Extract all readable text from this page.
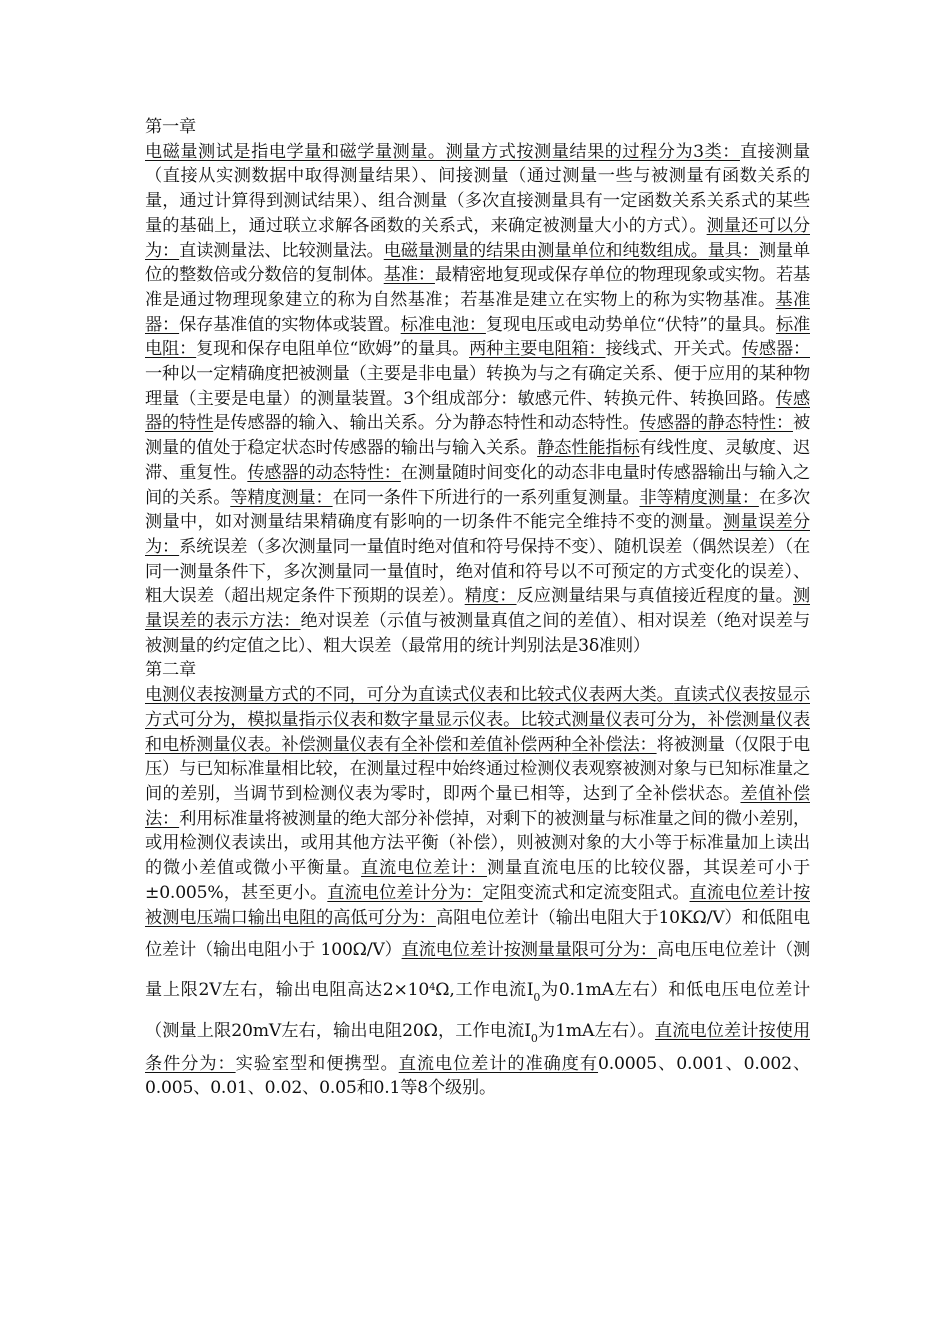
第一章

电磁量测试是指电学量和磁学量测量。测量方式按测量结果的过程分为3类：直接测量（直接从实测数据中取得测量结果）、间接测量（通过测量一些与被测量有函数关系的量，通过计算得到测试结果）、组合测量（多次直接测量具有一定函数关系关系式的某些量的基础上，通过联立求解各函数的关系式，来确定被测量大小的方式）。测量还可以分为：直读测量法、比较测量法。电磁量测量的结果由测量单位和纯数组成。量具：测量单位的整数倍或分数倍的复制体。基准：最精密地复现或保存单位的物理现象或实物。若基准是通过物理现象建立的称为自然基准；若基准是建立在实物上的称为实物基准。基准器：保存基准值的实物体或装置。标准电池：复现电压或电动势单位“伏特”的量具。标准电阻：复现和保存电阻单位“欧姆”的量具。两种主要电阻箱：接线式、开关式。传感器：一种以一定精确度把被测量（主要是非电量）转换为与之有确定关系、便于应用的某种物理量（主要是电量）的测量装置。3个组成部分：敏感元件、转换元件、转换回路。传感器的特性是传感器的输入、输出关系。分为静态特性和动态特性。传感器的静态特性：被测量的值处于稳定状态时传感器的输出与输入关系。静态性能指标有线性度、灵敏度、迟滞、重复性。传感器的动态特性：在测量随时间变化的动态非电量时传感器输出与输入之间的关系。等精度测量：在同一条件下所进行的一系列重复测量。非等精度测量：在多次测量中，如对测量结果精确度有影响的一切条件不能完全维持不变的测量。测量误差分为：系统误差（多次测量同一量值时绝对值和符号保持不变）、随机误差（偶然误差）（在同一测量条件下，多次测量同一量值时，绝对值和符号以不可预定的方式变化的误差）、粗大误差（超出规定条件下预期的误差）。精度：反应测量结果与真值接近程度的量。测量误差的表示方法：绝对误差（示值与被测量真值之间的差值）、相对误差（绝对误差与被测量的约定值之比）、粗大误差（最常用的统计判别法是3δ准则）

第二章

电测仪表按测量方式的不同，可分为直读式仪表和比较式仪表两大类。直读式仪表按显示方式可分为，模拟量指示仪表和数字量显示仪表。比较式测量仪表可分为，补偿测量仪表和电桥测量仪表。补偿测量仪表有全补偿和差值补偿两种全补偿法：将被测量（仅限于电压）与已知标准量相比较，在测量过程中始终通过检测仪表观察被测对象与已知标准量之间的差别，当调节到检测仪表为零时，即两个量已相等，达到了全补偿状态。差值补偿法：利用标准量将被测量的绝大部分补偿掉，对剩下的被测量与标准量之间的微小差别，或用检测仪表读出，或用其他方法平衡（补偿），则被测对象的大小等于标准量加上读出的微小差值或微小平衡量。直流电位差计：测量直流电压的比较仪器，其误差可小于±0.005%，甚至更小。直流电位差计分为：定阻变流式和定流变阻式。直流电位差计按被测电压端口输出电阻的高低可分为：高阻电位差计（输出电阻大于10KΩ/V）和低阻电位差计（输出电阻小于 100Ω/V）直流电位差计按测量量限可分为：高电压电位差计（测量上限2V左右，输出电阻高达$2\times 10^4\Omega$,工作电流$I_0$为0.1mA左右）和低电压电位差计（测量上限20mV左右，输出电阻20Ω，工作电流$I_0$为1mA左右）。直流电位差计按使用条件分为：实验室型和便携型。直流电位差计的准确度有0.0005、0.001、0.002、0.005、0.01、0.02、0.05和0.1等8个级别。
